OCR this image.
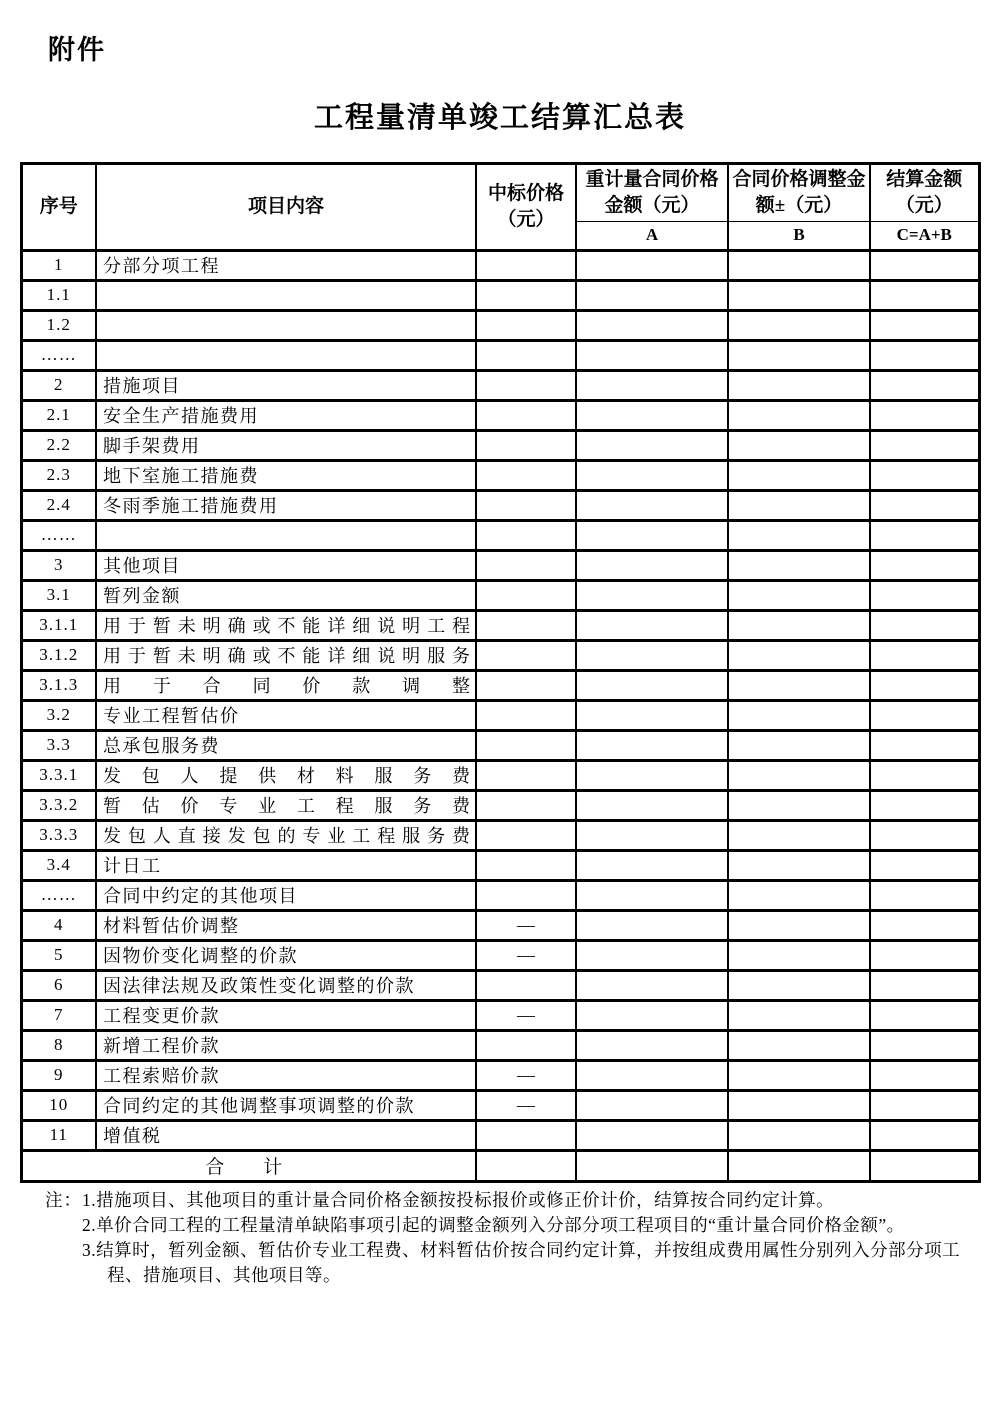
附件
工程量清单竣工结算汇总表
序号	项目内容	中标价格（元）	重计量合同价格金额（元）	合同价格调整金额±（元）	结算金额（元）
			A	B	C=A+B
1	分部分项工程				
1.1					
1.2					
……					
2	措施项目				
2.1	安全生产措施费用				
2.2	脚手架费用				
2.3	地下室施工措施费				
2.4	冬雨季施工措施费用				
……					
3	其他项目				
3.1	暂列金额				
3.1.1	用于暂未明确或不能详细说明工程				
3.1.2	用于暂未明确或不能详细说明服务				
3.1.3	用于合同价款调整				
3.2	专业工程暂估价				
3.3	总承包服务费				
3.3.1	发包人提供材料服务费				
3.3.2	暂估价专业工程服务费				
3.3.3	发包人直接发包的专业工程服务费				
3.4	计日工				
……	合同中约定的其他项目				
4	材料暂估价调整	—			
5	因物价变化调整的价款	—			
6	因法律法规及政策性变化调整的价款				
7	工程变更价款	—			
8	新增工程价款				
9	工程索赔价款	—			
10	合同约定的其他调整事项调整的价款	—			
11	增值税				
合　计					
注：1.措施项目、其他项目的重计量合同价格金额按投标报价或修正价计价，结算按合同约定计算。
2.单价合同工程的工程量清单缺陷事项引起的调整金额列入分部分项工程项目的“重计量合同价格金额”。
3.结算时，暂列金额、暂估价专业工程费、材料暂估价按合同约定计算，并按组成费用属性分别列入分部分项工程、措施项目、其他项目等。
